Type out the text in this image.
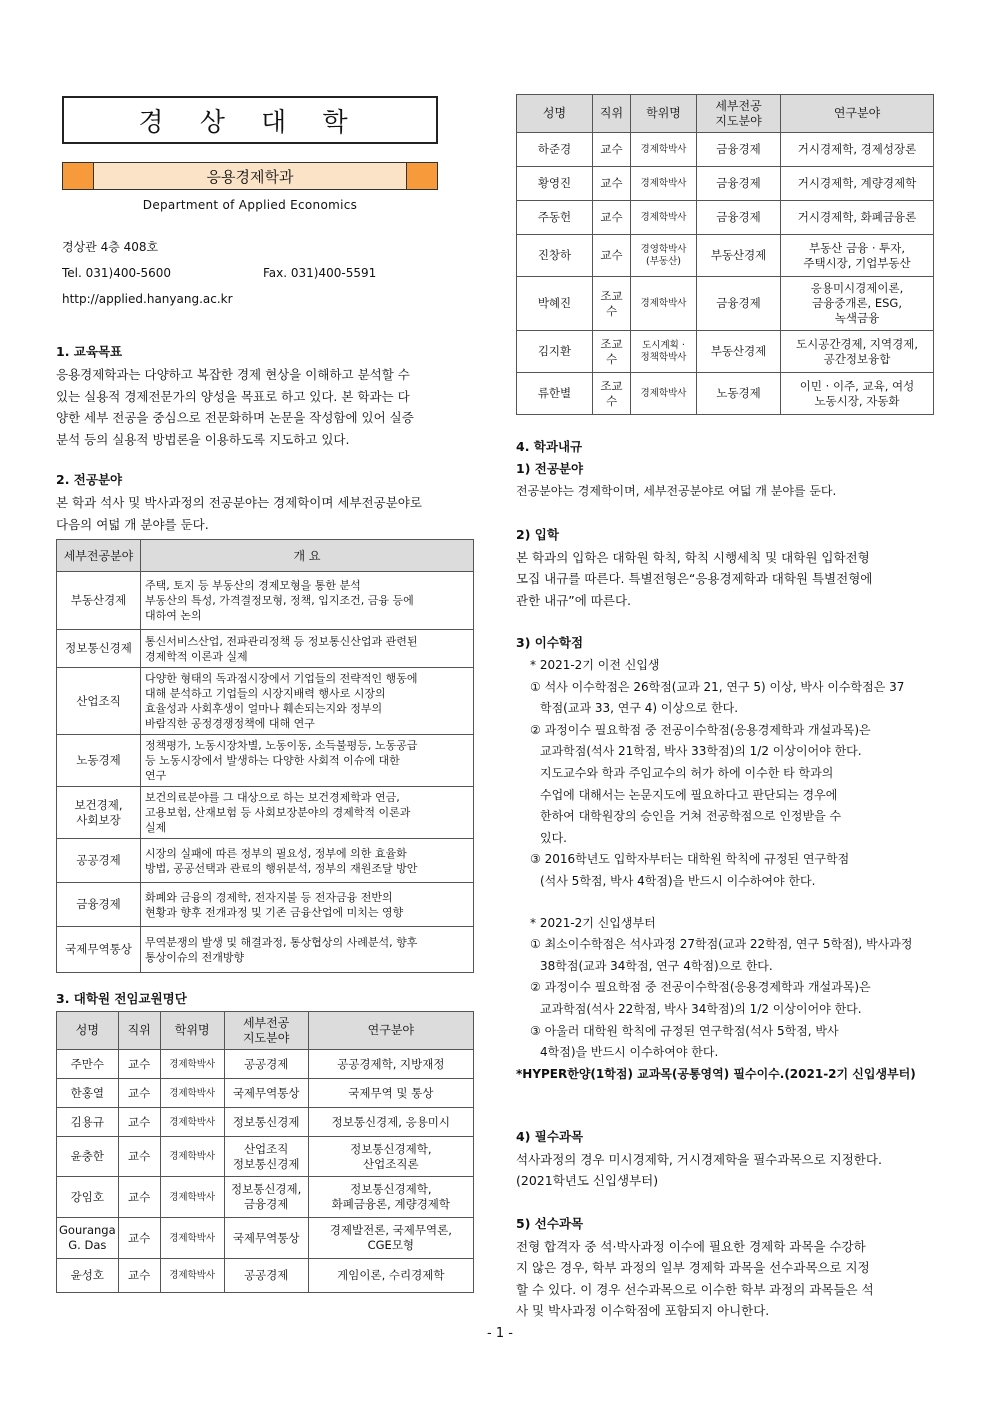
경 상 대 학
응용경제학과
Department of Applied Economics
경상관 4층 408호
Tel. 031)400-5600	Fax. 031)400-5591
http://applied.hanyang.ac.kr
1. 교육목표
응용경제학과는 다양하고 복잡한 경제 현상을 이해하고 분석할 수
있는 실용적 경제전문가의 양성을 목표로 하고 있다. 본 학과는 다
양한 세부 전공을 중심으로 전문화하며 논문을 작성함에 있어 실증
분석 등의 실용적 방법론을 이용하도록 지도하고 있다.
2. 전공분야
본 학과 석사 및 박사과정의 전공분야는 경제학이며 세부전공분야로
다음의 여덟 개 분야를 둔다.
세부전공분야	개 요
부동산경제	주택, 토지 등 부동산의 경제모형을 통한 분석
부동산의 특성, 가격결정모형, 정책, 입지조건, 금융 등에
대하여 논의
정보통신경제	통신서비스산업, 전파관리정책 등 정보통신산업과 관련된
경제학적 이론과 실제
산업조직	다양한 형태의 독과점시장에서 기업들의 전략적인 행동에
대해 분석하고 기업들의 시장지배력 행사로 시장의
효율성과 사회후생이 얼마나 훼손되는지와 정부의
바람직한 공정경쟁정책에 대해 연구
노동경제	정책평가, 노동시장차별, 노동이동, 소득불평등, 노동공급
등 노동시장에서 발생하는 다양한 사회적 이슈에 대한
연구
보건경제,
사회보장	보건의료분야를 그 대상으로 하는 보건경제학과 연금,
고용보험, 산재보험 등 사회보장분야의 경제학적 이론과
실제
공공경제	시장의 실패에 따른 정부의 필요성, 정부에 의한 효율화
방법, 공공선택과 관료의 행위분석, 정부의 재원조달 방안
금융경제	화폐와 금융의 경제학, 전자지불 등 전자금융 전반의
현황과 향후 전개과정 및 기존 금융산업에 미치는 영향
국제무역통상	무역분쟁의 발생 및 해결과정, 통상협상의 사례분석, 향후
통상이슈의 전개방향
3. 대학원 전임교원명단
성명	직위	학위명	세부전공
지도분야	연구분야
주만수	교수	경제학박사	공공경제	공공경제학, 지방재정
한홍열	교수	경제학박사	국제무역통상	국제무역 및 통상
김용규	교수	경제학박사	정보통신경제	정보통신경제, 응용미시
윤충한	교수	경제학박사	산업조직
정보통신경제	정보통신경제학,
산업조직론
강임호	교수	경제학박사	정보통신경제,
금융경제	정보통신경제학,
화폐금융론, 계량경제학
Gouranga
G. Das	교수	경제학박사	국제무역통상	경제발전론, 국제무역론,
CGE모형
윤성호	교수	경제학박사	공공경제	게임이론, 수리경제학
성명	직위	학위명	세부전공
지도분야	연구분야
하준경	교수	경제학박사	금융경제	거시경제학, 경제성장론
황영진	교수	경제학박사	금융경제	거시경제학, 계량경제학
주동헌	교수	경제학박사	금융경제	거시경제학, 화폐금융론
진창하	교수	경영학박사
(부동산)	부동산경제	부동산 금융 · 투자,
주택시장, 기업부동산
박혜진	조교수	경제학박사	금융경제	응용미시경제이론,
금융중개론, ESG,
녹색금융
김지환	조교수	도시계획 ·
정책학박사	부동산경제	도시공간경제, 지역경제,
공간정보융합
류한별	조교수	경제학박사	노동경제	이민 · 이주, 교육, 여성
노동시장, 자동화
4. 학과내규
1) 전공분야
전공분야는 경제학이며, 세부전공분야로 여덟 개 분야를 둔다.
2) 입학
본 학과의 입학은 대학원 학칙, 학칙 시행세칙 및 대학원 입학전형
모집 내규를 따른다. 특별전형은“응용경제학과 대학원 특별전형에
관한 내규”에 따른다.
3) 이수학점
* 2021-2기 이전 신입생
① 석사 이수학점은 26학점(교과 21, 연구 5) 이상, 박사 이수학점은 37
학점(교과 33, 연구 4) 이상으로 한다.
② 과정이수 필요학점 중 전공이수학점(응용경제학과 개설과목)은
교과학점(석사 21학점, 박사 33학점)의 1/2 이상이어야 한다.
지도교수와 학과 주임교수의 허가 하에 이수한 타 학과의
수업에 대해서는 논문지도에 필요하다고 판단되는 경우에
한하여 대학원장의 승인을 거쳐 전공학점으로 인정받을 수
있다.
③ 2016학년도 입학자부터는 대학원 학칙에 규정된 연구학점
(석사 5학점, 박사 4학점)을 반드시 이수하여야 한다.
* 2021-2기 신입생부터
① 최소이수학점은 석사과정 27학점(교과 22학점, 연구 5학점), 박사과정
38학점(교과 34학점, 연구 4학점)으로 한다.
② 과정이수 필요학점 중 전공이수학점(응용경제학과 개설과목)은
교과학점(석사 22학점, 박사 34학점)의 1/2 이상이어야 한다.
③ 아울러 대학원 학칙에 규정된 연구학점(석사 5학점, 박사
4학점)을 반드시 이수하여야 한다.
*HYPER한양(1학점) 교과목(공통영역) 필수이수.(2021-2기 신입생부터)
4) 필수과목
석사과정의 경우 미시경제학, 거시경제학을 필수과목으로 지정한다.
(2021학년도 신입생부터)
5) 선수과목
전형 합격자 중 석·박사과정 이수에 필요한 경제학 과목을 수강하
지 않은 경우, 학부 과정의 일부 경제학 과목을 선수과목으로 지정
할 수 있다. 이 경우 선수과목으로 이수한 학부 과정의 과목들은 석
사 및 박사과정 이수학점에 포함되지 아니한다.
- 1 -
